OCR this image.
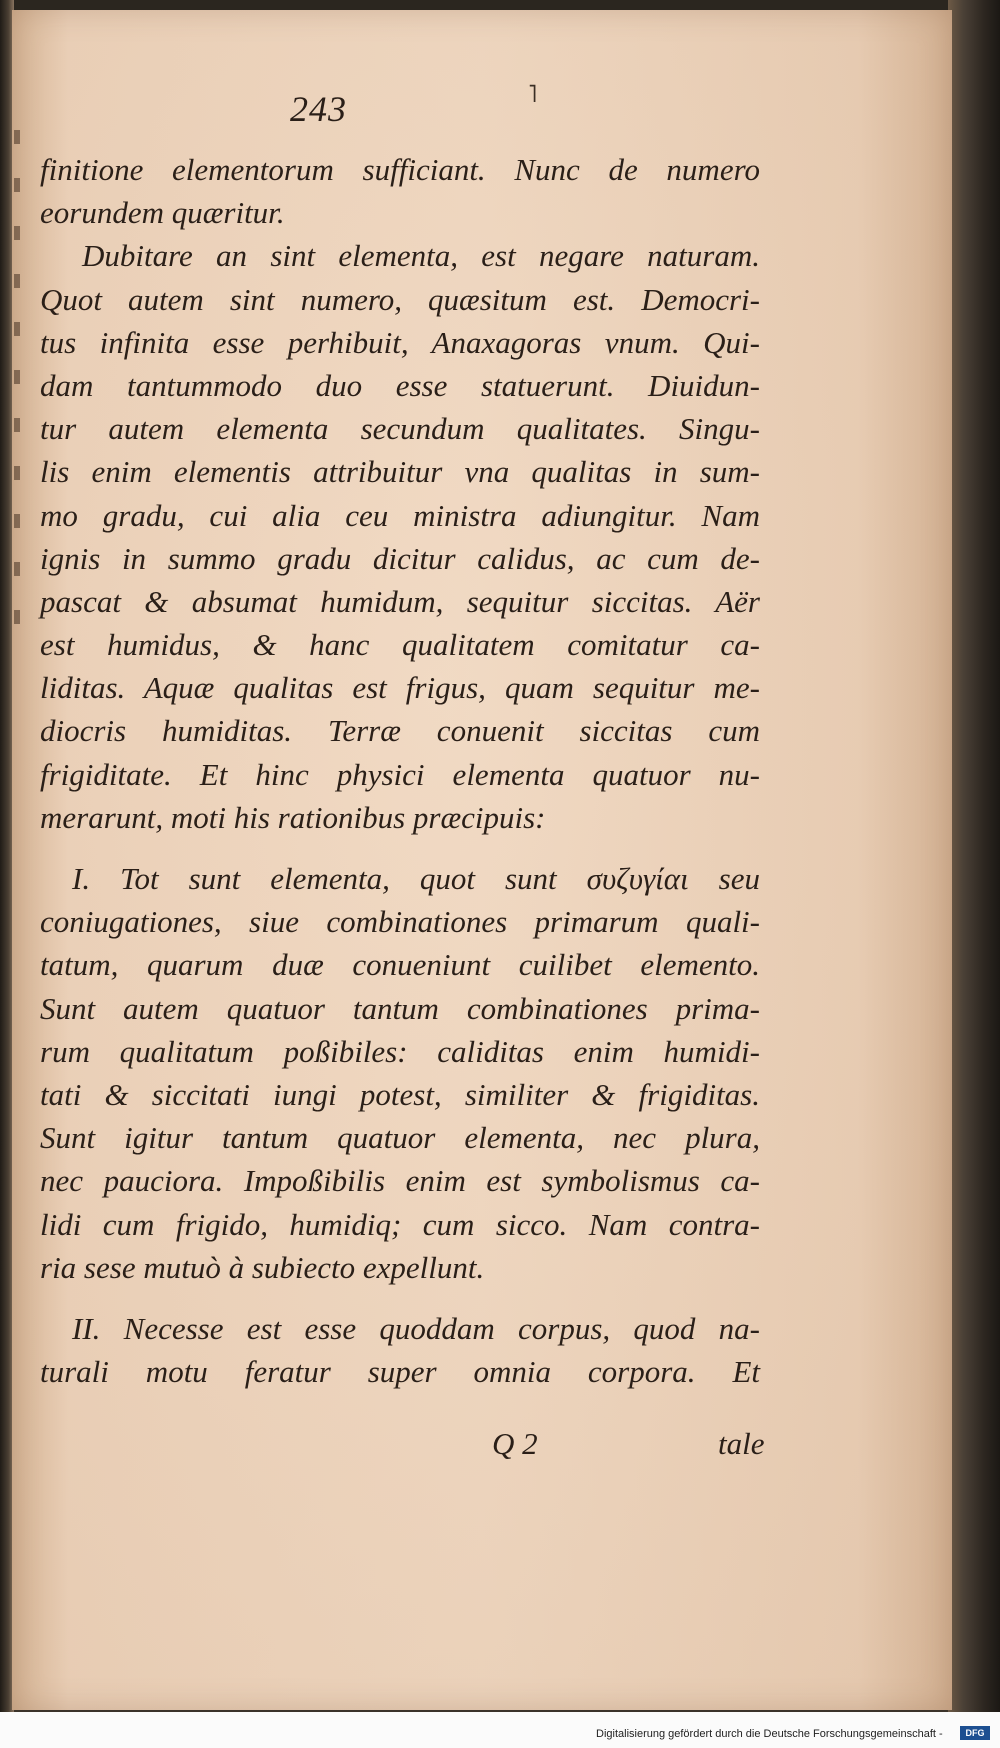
243	˥
finitione elementorum sufficiant. Nunc de numero
eorundem quæritur.
Dubitare an sint elementa, est negare naturam.
Quot autem sint numero, quæsitum est. Democri-
tus infinita esse perhibuit, Anaxagoras vnum. Qui-
dam tantummodo duo esse statuerunt. Diuidun-
tur autem elementa secundum qualitates. Singu-
lis enim elementis attribuitur vna qualitas in sum-
mo gradu, cui alia ceu ministra adiungitur. Nam
ignis in summo gradu dicitur calidus, ac cum de-
pascat & absumat humidum, sequitur siccitas. Aër
est humidus, & hanc qualitatem comitatur ca-
liditas. Aquæ qualitas est frigus, quam sequitur me-
diocris humiditas. Terræ conuenit siccitas cum
frigiditate. Et hinc physici elementa quatuor nu-
merarunt, moti his rationibus præcipuis:
I. Tot sunt elementa, quot sunt συζυγίαι seu
coniugationes, siue combinationes primarum quali-
tatum, quarum duæ conueniunt cuilibet elemento.
Sunt autem quatuor tantum combinationes prima-
rum qualitatum poßibiles: caliditas enim humidi-
tati & siccitati iungi potest, similiter & frigiditas.
Sunt igitur tantum quatuor elementa, nec plura,
nec pauciora. Impoßibilis enim est symbolismus ca-
lidi cum frigido, humidiq; cum sicco. Nam contra-
ria sese mutuò à subiecto expellunt.
II. Necesse est esse quoddam corpus, quod na-
turali motu feratur super omnia corpora. Et
Q 2	tale
Digitalisierung gefördert durch die Deutsche Forschungsgemeinschaft -	DFG
